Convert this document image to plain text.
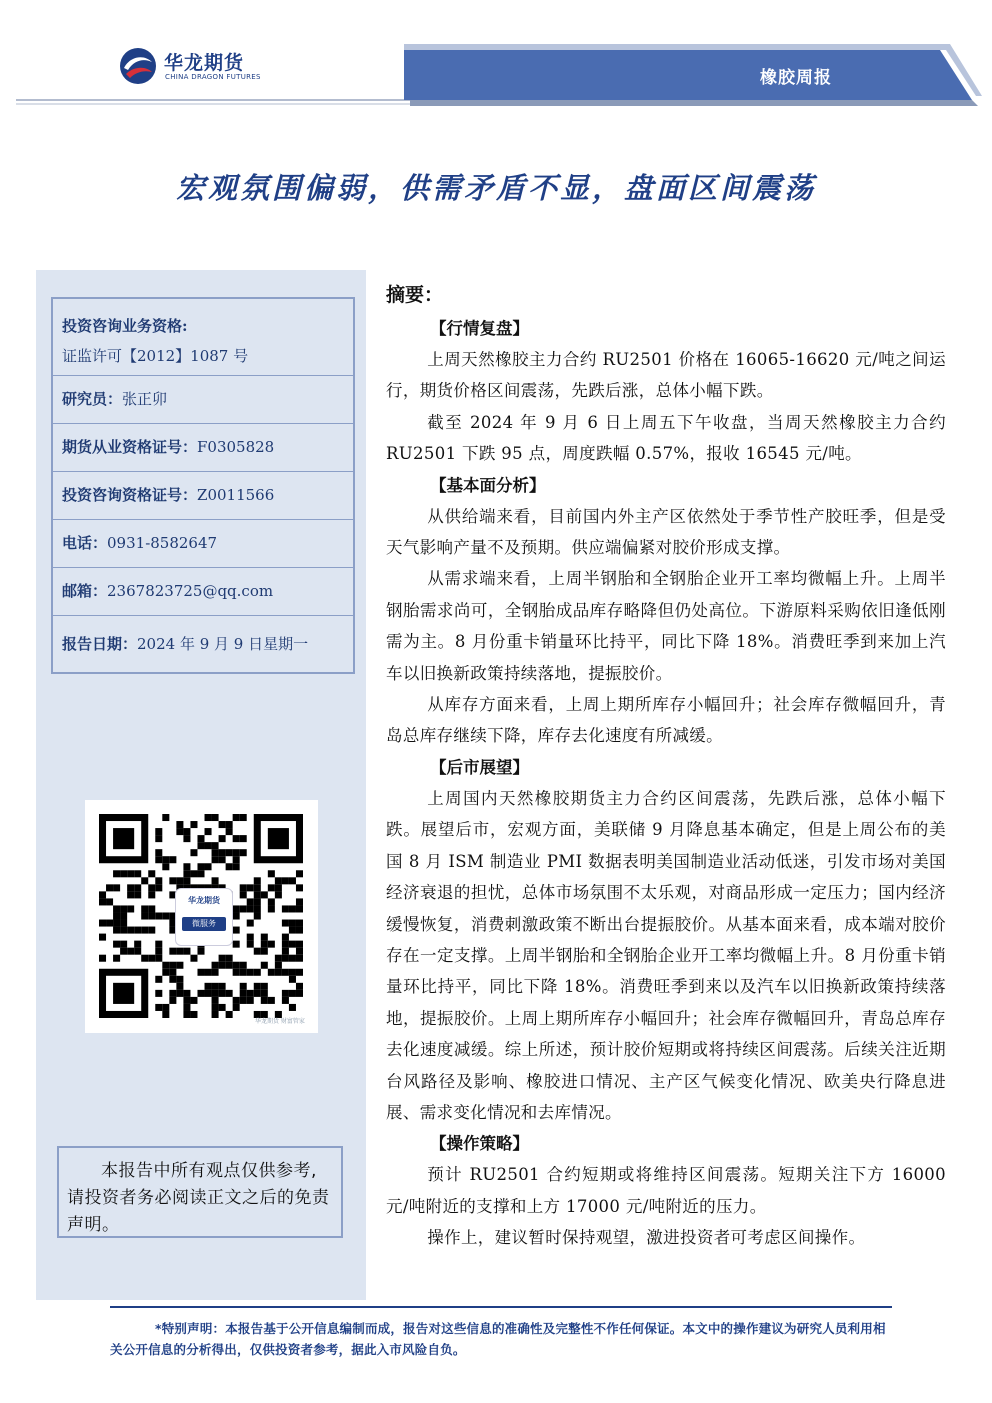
华龙期货
CHINA DRAGON FUTURES	橡胶周报
宏观氛围偏弱，供需矛盾不显，盘面区间震荡
投资咨询业务资格:
证监许可【2012】1087 号
研究员：张正卯
期货从业资格证号：F0305828
投资咨询资格证号：Z0011566
电话：0931-8582647
邮箱：2367823725@qq.com
报告日期：2024 年 9 月 9 日星期一
华龙期货
微服务
华龙期货 财富管家
本报告中所有观点仅供参考,请投资者务必阅读正文之后的免责声明。
摘要：
【行情复盘】
上周天然橡胶主力合约 RU2501 价格在 16065-16620 元/吨之间运行，期货价格区间震荡，先跌后涨，总体小幅下跌。
截至 2024 年 9 月 6 日上周五下午收盘，当周天然橡胶主力合约 RU2501 下跌 95 点，周度跌幅 0.57%，报收 16545 元/吨。
【基本面分析】
从供给端来看，目前国内外主产区依然处于季节性产胶旺季，但是受天气影响产量不及预期。供应端偏紧对胶价形成支撑。
从需求端来看，上周半钢胎和全钢胎企业开工率均微幅上升。上周半钢胎需求尚可，全钢胎成品库存略降但仍处高位。下游原料采购依旧逢低刚需为主。8 月份重卡销量环比持平，同比下降 18%。消费旺季到来加上汽车以旧换新政策持续落地，提振胶价。
从库存方面来看，上周上期所库存小幅回升；社会库存微幅回升，青岛总库存继续下降，库存去化速度有所减缓。
【后市展望】
上周国内天然橡胶期货主力合约区间震荡，先跌后涨，总体小幅下跌。展望后市，宏观方面，美联储 9 月降息基本确定，但是上周公布的美国 8 月 ISM 制造业 PMI 数据表明美国制造业活动低迷，引发市场对美国经济衰退的担忧，总体市场氛围不太乐观，对商品形成一定压力；国内经济缓慢恢复，消费刺激政策不断出台提振胶价。从基本面来看，成本端对胶价存在一定支撑。上周半钢胎和全钢胎企业开工率均微幅上升。8 月份重卡销量环比持平，同比下降 18%。消费旺季到来以及汽车以旧换新政策持续落地，提振胶价。上周上期所库存小幅回升；社会库存微幅回升，青岛总库存去化速度减缓。综上所述，预计胶价短期或将持续区间震荡。后续关注近期台风路径及影响、橡胶进口情况、主产区气候变化情况、欧美央行降息进展、需求变化情况和去库情况。
【操作策略】
预计 RU2501 合约短期或将维持区间震荡。短期关注下方 16000 元/吨附近的支撑和上方 17000 元/吨附近的压力。
操作上，建议暂时保持观望，激进投资者可考虑区间操作。
*特别声明：本报告基于公开信息编制而成，报告对这些信息的准确性及完整性不作任何保证。本文中的操作建议为研究人员利用相关公开信息的分析得出，仅供投资者参考，据此入市风险自负。
